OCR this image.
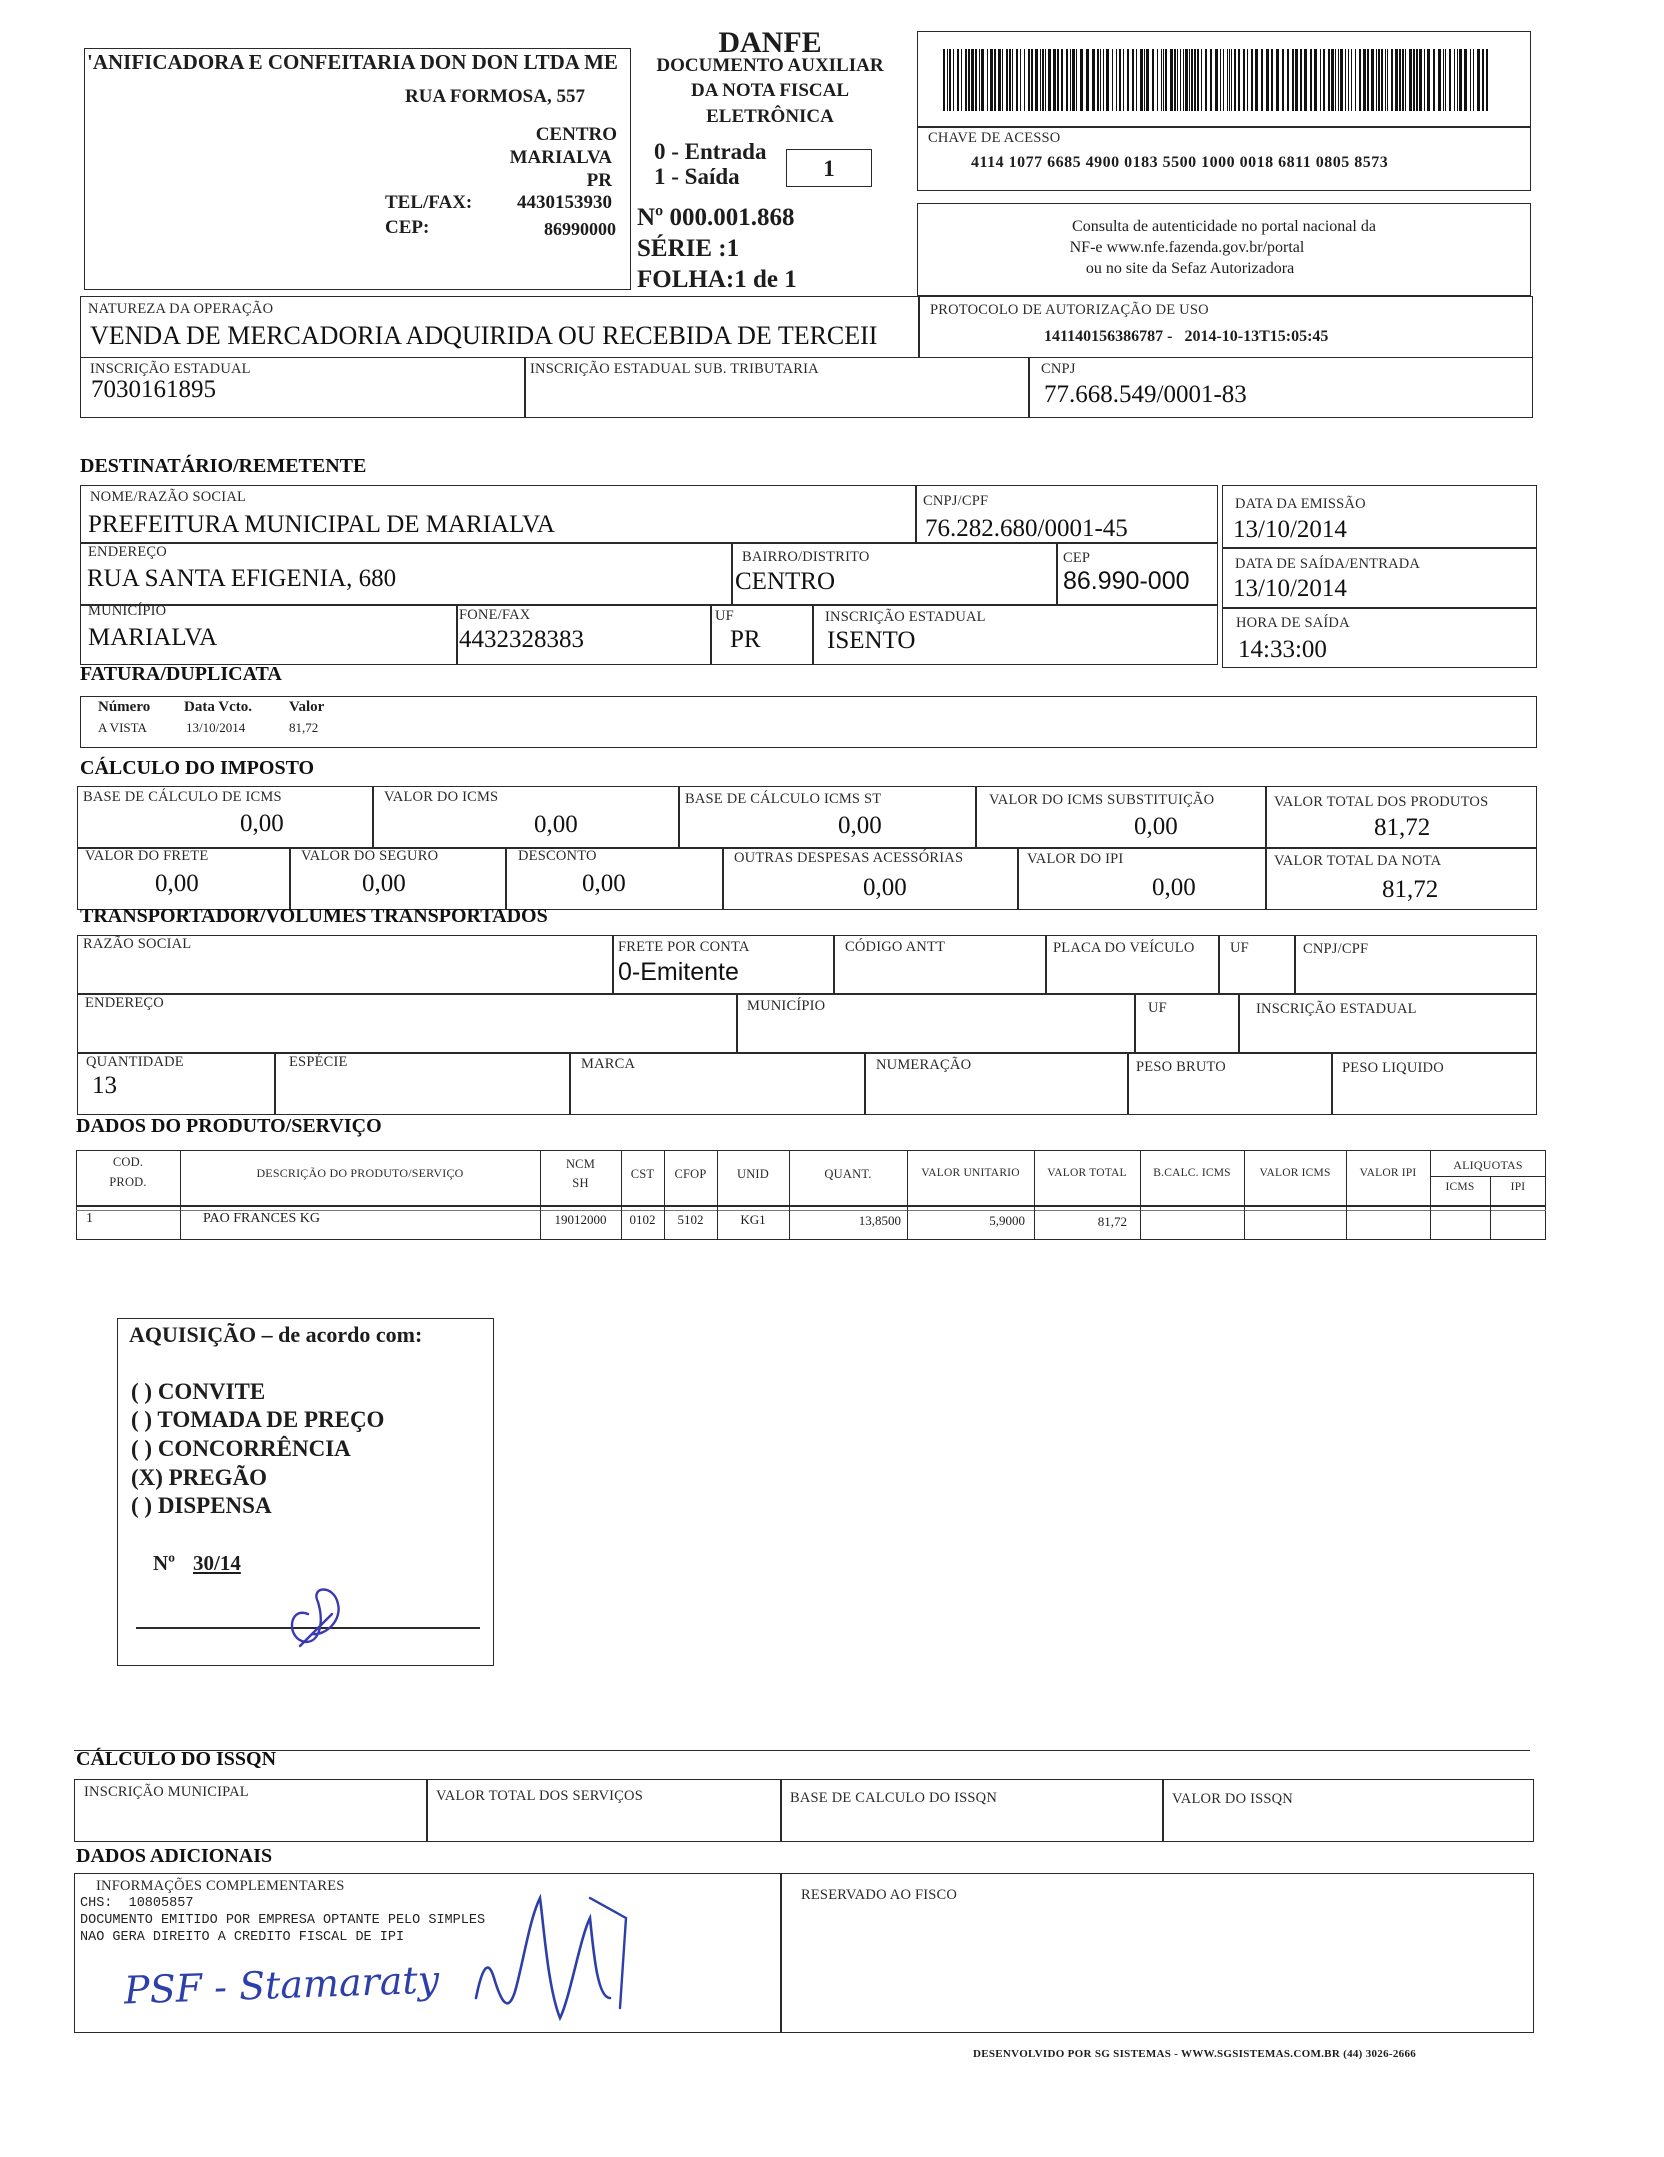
'ANIFICADORA E CONFEITARIA DON DON LTDA ME
RUA FORMOSA, 557
CENTRO
MARIALVA
PR
TEL/FAX: 4430153930
CEP:	86990000
DANFE
DOCUMENTO AUXILIAR
DA NOTA FISCAL
ELETRÔNICA
0 - Entrada
1 - Saída	1
Nº 000.001.868
SÉRIE :1
FOLHA:1 de 1
CHAVE DE ACESSO
4114 1077 6685 4900 0183 5500 1000 0018 6811 0805 8573
Consulta de autenticidade no portal nacional da
NF-e www.nfe.fazenda.gov.br/portal
ou no site da Sefaz Autorizadora
NATUREZA DA OPERAÇÃO
VENDA DE MERCADORIA ADQUIRIDA OU RECEBIDA DE TERCEII
PROTOCOLO DE AUTORIZAÇÃO DE USO
141140156386787 -   2014-10-13T15:05:45
INSCRIÇÃO ESTADUAL
7030161895
INSCRIÇÃO ESTADUAL SUB. TRIBUTARIA	CNPJ
77.668.549/0001-83
DESTINATÁRIO/REMETENTE
NOME/RAZÃO SOCIAL
PREFEITURA MUNICIPAL DE MARIALVA
CNPJ/CPF
76.282.680/0001-45
ENDEREÇO
RUA SANTA EFIGENIA, 680
BAIRRO/DISTRITO
CENTRO
CEP
86.990-000
MUNICÍPIO
MARIALVA
FONE/FAX
4432328383
UF
PR
INSCRIÇÃO ESTADUAL
ISENTO
DATA DA EMISSÃO
13/10/2014
DATA DE SAÍDA/ENTRADA
13/10/2014
HORA DE SAÍDA
14:33:00
FATURA/DUPLICATA
Número Data Vcto. Valor
A VISTA	13/10/2014	81,72
CÁLCULO DO IMPOSTO
BASE DE CÁLCULO DE ICMS
0,00
VALOR DO ICMS
0,00
BASE DE CÁLCULO ICMS ST
0,00
VALOR DO ICMS SUBSTITUIÇÃO
0,00
VALOR TOTAL DOS PRODUTOS
81,72
VALOR DO FRETE
0,00
VALOR DO SEGURO
0,00
DESCONTO
0,00
OUTRAS DESPESAS ACESSÓRIAS
0,00
VALOR DO IPI
0,00
VALOR TOTAL DA NOTA
81,72
TRANSPORTADOR/VOLUMES TRANSPORTADOS
RAZÃO SOCIAL	FRETE POR CONTA
0-Emitente
CÓDIGO ANTT	PLACA DO VEÍCULO UF	CNPJ/CPF
ENDEREÇO	MUNICÍPIO	UF	INSCRIÇÃO ESTADUAL
QUANTIDADE
13
ESPÉCIE	MARCA	NUMERAÇÃO	PESO BRUTO	PESO LIQUIDO
DADOS DO PRODUTO/SERVIÇO
COD.
PROD.
DESCRIÇÃO DO PRODUTO/SERVIÇO
NCM
SH
CST	CFOP	UNID	QUANT.	VALOR UNITARIO	VALOR TOTAL	B.CALC. ICMS	VALOR ICMS	VALOR IPI
ALIQUOTAS
ICMS	IPI
1	PAO FRANCES KG	19012000	0102	5102	KG1	13,8500	5,9000	81,72
AQUISIÇÃO – de acordo com:
( ) CONVITE
( ) TOMADA DE PREÇO
( ) CONCORRÊNCIA
(X) PREGÃO
( ) DISPENSA
Nº 30/14
CÁLCULO DO ISSQN
INSCRIÇÃO MUNICIPAL	VALOR TOTAL DOS SERVIÇOS	BASE DE CALCULO DO ISSQN	VALOR DO ISSQN
DADOS ADICIONAIS
INFORMAÇÕES COMPLEMENTARES
CHS:  10805857
DOCUMENTO EMITIDO POR EMPRESA OPTANTE PELO SIMPLES
NAO GERA DIREITO A CREDITO FISCAL DE IPI
RESERVADO AO FISCO
PSF - Stamaraty
DESENVOLVIDO POR SG SISTEMAS - WWW.SGSISTEMAS.COM.BR (44) 3026-2666
